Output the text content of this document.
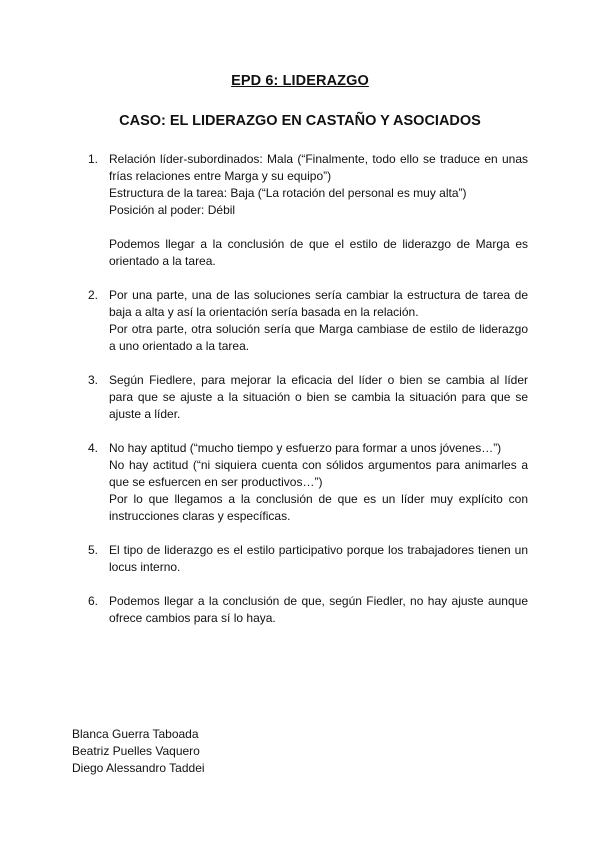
EPD 6: LIDERAZGO
CASO: EL LIDERAZGO EN CASTAÑO Y ASOCIADOS
1. Relación líder-subordinados: Mala (“Finalmente, todo ello se traduce en unas frías relaciones entre Marga y su equipo”)
Estructura de la tarea: Baja (“La rotación del personal es muy alta”)
Posición al poder: Débil
Podemos llegar a la conclusión de que el estilo de liderazgo de Marga es orientado a la tarea.
2. Por una parte, una de las soluciones sería cambiar la estructura de tarea de baja a alta y así la orientación sería basada en la relación.
Por otra parte, otra solución sería que Marga cambiase de estilo de liderazgo a uno orientado a la tarea.
3. Según Fiedlere, para mejorar la eficacia del líder o bien se cambia al líder para que se ajuste a la situación o bien se cambia la situación para que se ajuste a líder.
4. No hay aptitud (“mucho tiempo y esfuerzo para formar a unos jóvenes…”)
No hay actitud (“ni siquiera cuenta con sólidos argumentos para animarles a que se esfuercen en ser productivos…”)
Por lo que llegamos a la conclusión de que es un líder muy explícito con instrucciones claras y específicas.
5. El tipo de liderazgo es el estilo participativo porque los trabajadores tienen un locus interno.
6. Podemos llegar a la conclusión de que, según Fiedler, no hay ajuste aunque ofrece cambios para sí lo haya.
Blanca Guerra Taboada
Beatriz Puelles Vaquero
Diego Alessandro Taddei
